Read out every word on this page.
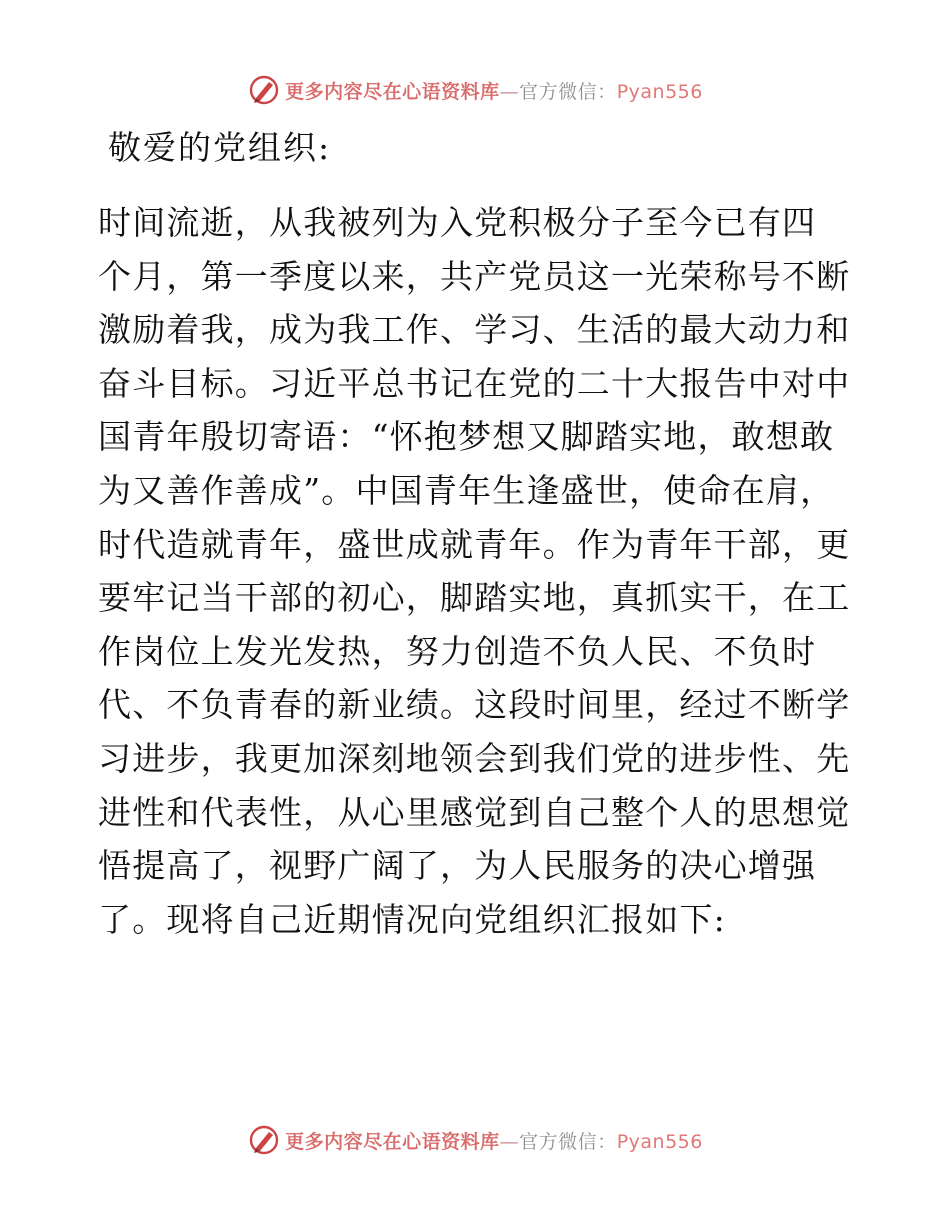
更多内容尽在心语资料库—官方微信：Pyan556
敬爱的党组织:
时间流逝，从我被列为入党积极分子至今已有四
个月，第一季度以来，共产党员这一光荣称号不断
激励着我，成为我工作、学习、生活的最大动力和
奋斗目标。习近平总书记在党的二十大报告中对中
国青年殷切寄语：“怀抱梦想又脚踏实地，敢想敢
为又善作善成”。中国青年生逢盛世，使命在肩，
时代造就青年，盛世成就青年。作为青年干部，更
要牢记当干部的初心，脚踏实地，真抓实干，在工
作岗位上发光发热，努力创造不负人民、不负时
代、不负青春的新业绩。这段时间里，经过不断学
习进步，我更加深刻地领会到我们党的进步性、先
进性和代表性，从心里感觉到自己整个人的思想觉
悟提高了，视野广阔了，为人民服务的决心增强
了。现将自己近期情况向党组织汇报如下:
更多内容尽在心语资料库—官方微信：Pyan556
